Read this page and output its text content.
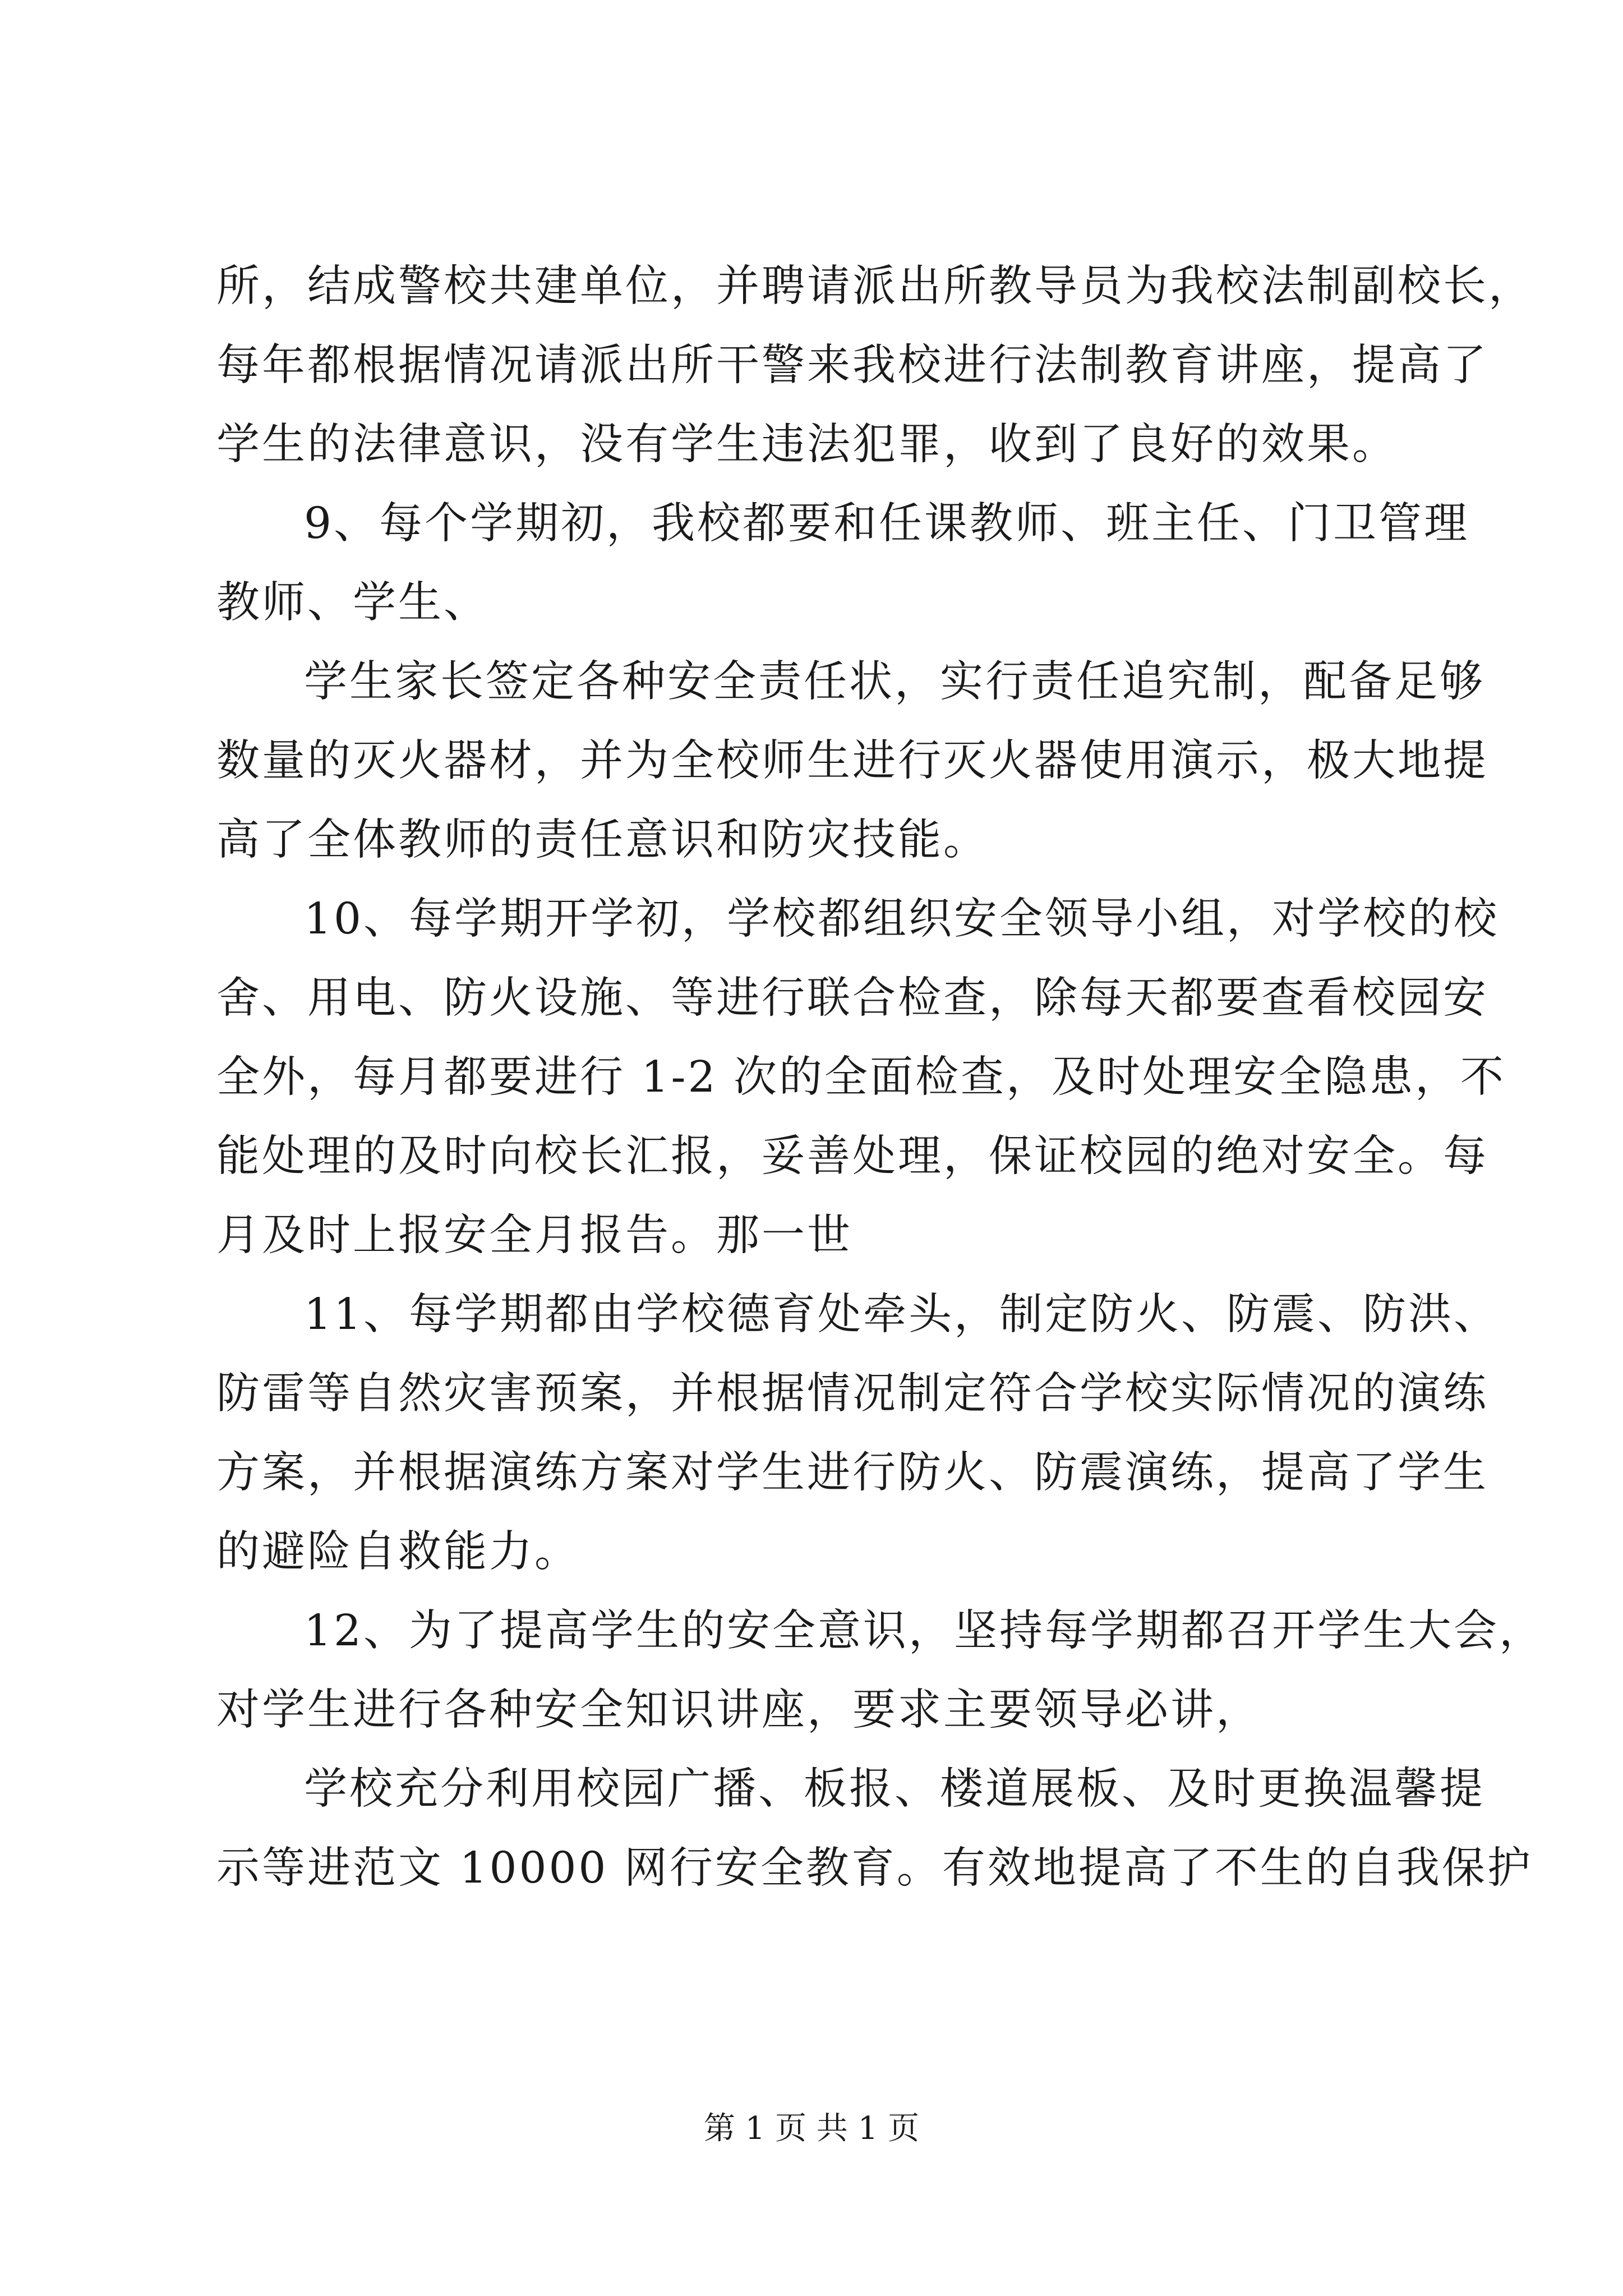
所，结成警校共建单位，并聘请派出所教导员为我校法制副校长，
每年都根据情况请派出所干警来我校进行法制教育讲座，提高了
学生的法律意识，没有学生违法犯罪，收到了良好的效果。
9、每个学期初，我校都要和任课教师、班主任、门卫管理
教师、学生、
学生家长签定各种安全责任状，实行责任追究制，配备足够
数量的灭火器材，并为全校师生进行灭火器使用演示，极大地提
高了全体教师的责任意识和防灾技能。
10、每学期开学初，学校都组织安全领导小组，对学校的校
舍、用电、防火设施、等进行联合检查，除每天都要查看校园安
全外，每月都要进行 1-2 次的全面检查，及时处理安全隐患，不
能处理的及时向校长汇报，妥善处理，保证校园的绝对安全。每
月及时上报安全月报告。那一世
11、每学期都由学校德育处牵头，制定防火、防震、防洪、
防雷等自然灾害预案，并根据情况制定符合学校实际情况的演练
方案，并根据演练方案对学生进行防火、防震演练，提高了学生
的避险自救能力。
12、为了提高学生的安全意识，坚持每学期都召开学生大会，
对学生进行各种安全知识讲座，要求主要领导必讲，
学校充分利用校园广播、板报、楼道展板、及时更换温馨提
示等进范文 10000 网行安全教育。有效地提高了不生的自我保护
第 1 页 共 1 页
